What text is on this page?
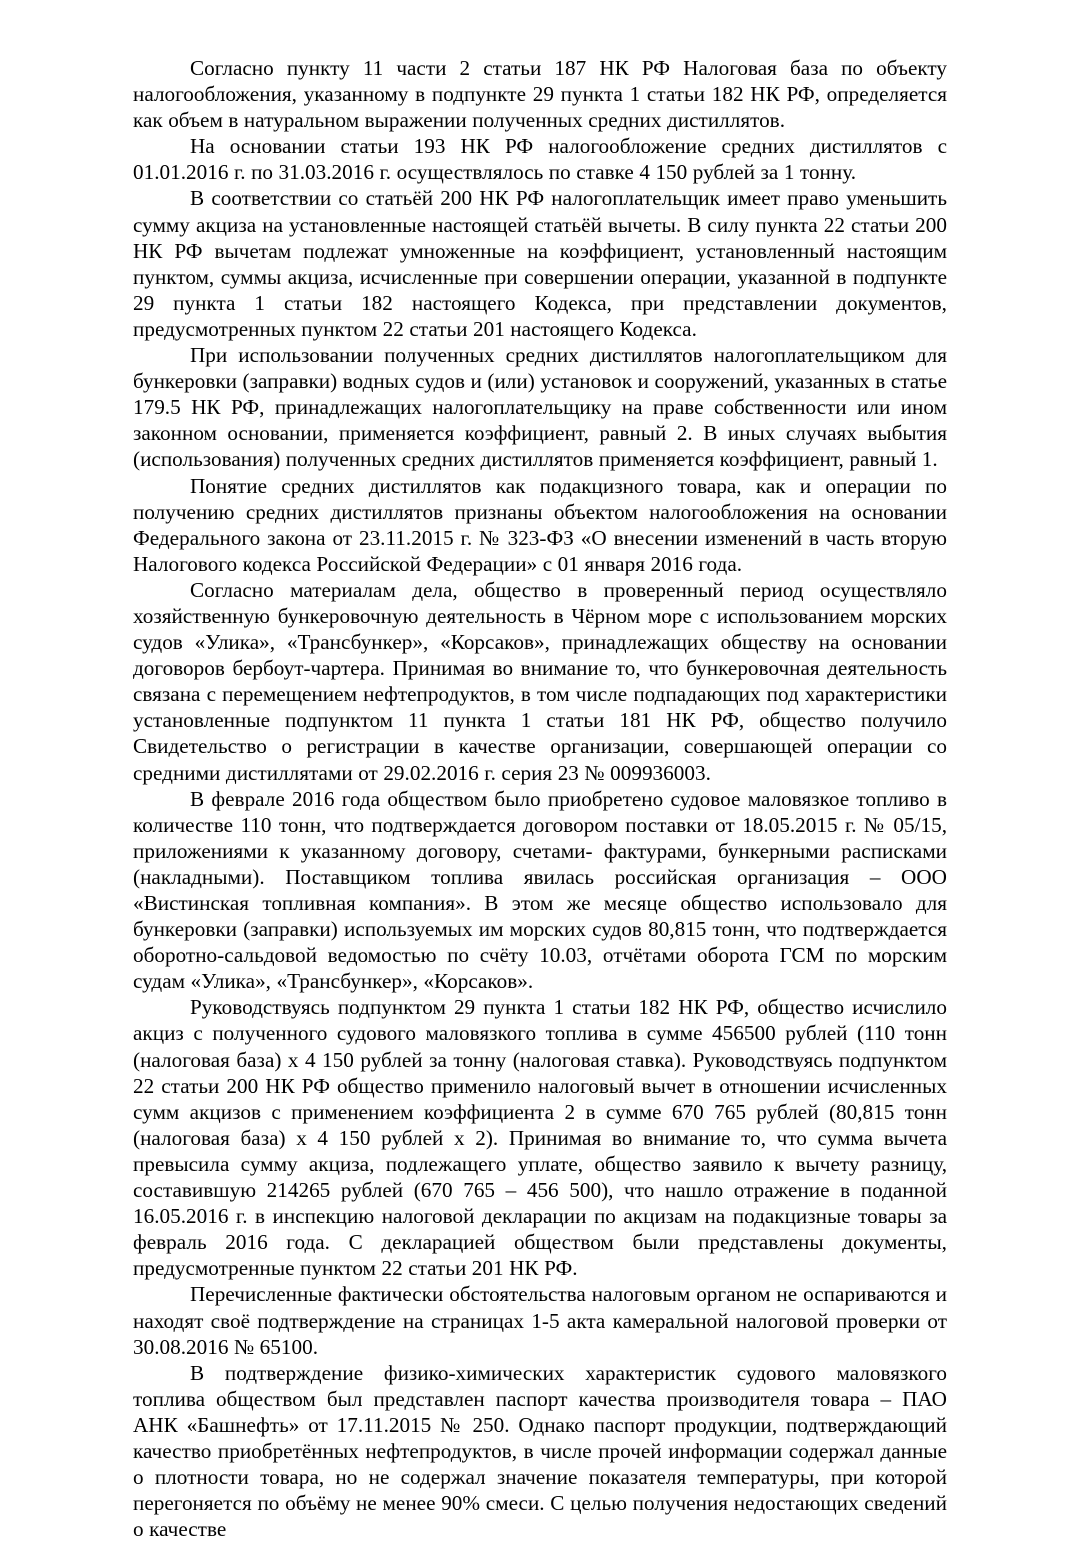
Согласно пункту 11 части 2 статьи 187 НК РФ Налоговая база по объекту налогообложения, указанному в подпункте 29 пункта 1 статьи 182 НК РФ, определяется как объем в натуральном выражении полученных средних дистиллятов.

На основании статьи 193 НК РФ налогообложение средних дистиллятов с 01.01.2016 г. по 31.03.2016 г. осуществлялось по ставке 4 150 рублей за 1 тонну.

В соответствии со статьёй 200 НК РФ налогоплательщик имеет право уменьшить сумму акциза на установленные настоящей статьёй вычеты. В силу пункта 22 статьи 200 НК РФ вычетам подлежат умноженные на коэффициент, установленный настоящим пунктом, суммы акциза, исчисленные при совершении операции, указанной в подпункте 29 пункта 1 статьи 182 настоящего Кодекса, при представлении документов, предусмотренных пунктом 22 статьи 201 настоящего Кодекса.

При использовании полученных средних дистиллятов налогоплательщиком для бункеровки (заправки) водных судов и (или) установок и сооружений, указанных в статье 179.5 НК РФ, принадлежащих налогоплательщику на праве собственности или ином законном основании, применяется коэффициент, равный 2. В иных случаях выбытия (использования) полученных средних дистиллятов применяется коэффициент, равный 1.

Понятие средних дистиллятов как подакцизного товара, как и операции по получению средних дистиллятов признаны объектом налогообложения на основании Федерального закона от 23.11.2015 г. № 323-ФЗ «О внесении изменений в часть вторую Налогового кодекса Российской Федерации» с 01 января 2016 года.

Согласно материалам дела, общество в проверенный период осуществляло хозяйственную бункеровочную деятельность в Чёрном море с использованием морских судов «Улика», «Трансбункер», «Корсаков», принадлежащих обществу на основании договоров бербоут-чартера. Принимая во внимание то, что бункеровочная деятельность связана с перемещением нефтепродуктов, в том числе подпадающих под характеристики установленные подпунктом 11 пункта 1 статьи 181 НК РФ, общество получило Свидетельство о регистрации в качестве организации, совершающей операции со средними дистиллятами от 29.02.2016 г. серия 23 № 009936003.

В феврале 2016 года обществом было приобретено судовое маловязкое топливо в количестве 110 тонн, что подтверждается договором поставки от 18.05.2015 г. № 05/15, приложениями к указанному договору, счетами- фактурами, бункерными расписками (накладными). Поставщиком топлива явилась российская организация – ООО «Вистинская топливная компания». В этом же месяце общество использовало для бункеровки (заправки) используемых им морских судов 80,815 тонн, что подтверждается оборотно-сальдовой ведомостью по счёту 10.03, отчётами оборота ГСМ по морским судам «Улика», «Трансбункер», «Корсаков».

Руководствуясь подпунктом 29 пункта 1 статьи 182 НК РФ, общество исчислило акциз с полученного судового маловязкого топлива в сумме 456500 рублей (110 тонн (налоговая база) х 4 150 рублей за тонну (налоговая ставка). Руководствуясь подпунктом 22 статьи 200 НК РФ общество применило налоговый вычет в отношении исчисленных сумм акцизов с применением коэффициента 2 в сумме 670 765 рублей (80,815 тонн (налоговая база) х 4 150 рублей х 2). Принимая во внимание то, что сумма вычета превысила сумму акциза, подлежащего уплате, общество заявило к вычету разницу, составившую 214265 рублей (670 765 – 456 500), что нашло отражение в поданной 16.05.2016 г. в инспекцию налоговой декларации по акцизам на подакцизные товары за февраль 2016 года. С декларацией обществом были представлены документы, предусмотренные пунктом 22 статьи 201 НК РФ.

Перечисленные фактически обстоятельства налоговым органом не оспариваются и находят своё подтверждение на страницах 1-5 акта камеральной налоговой проверки от 30.08.2016 № 65100.

В подтверждение физико-химических характеристик судового маловязкого топлива обществом был представлен паспорт качества производителя товара – ПАО АНК «Башнефть» от 17.11.2015 № 250. Однако паспорт продукции, подтверждающий качество приобретённых нефтепродуктов, в числе прочей информации содержал данные о плотности товара, но не содержал значение показателя температуры, при которой перегоняется по объёму не менее 90% смеси. С целью получения недостающих сведений о качестве
